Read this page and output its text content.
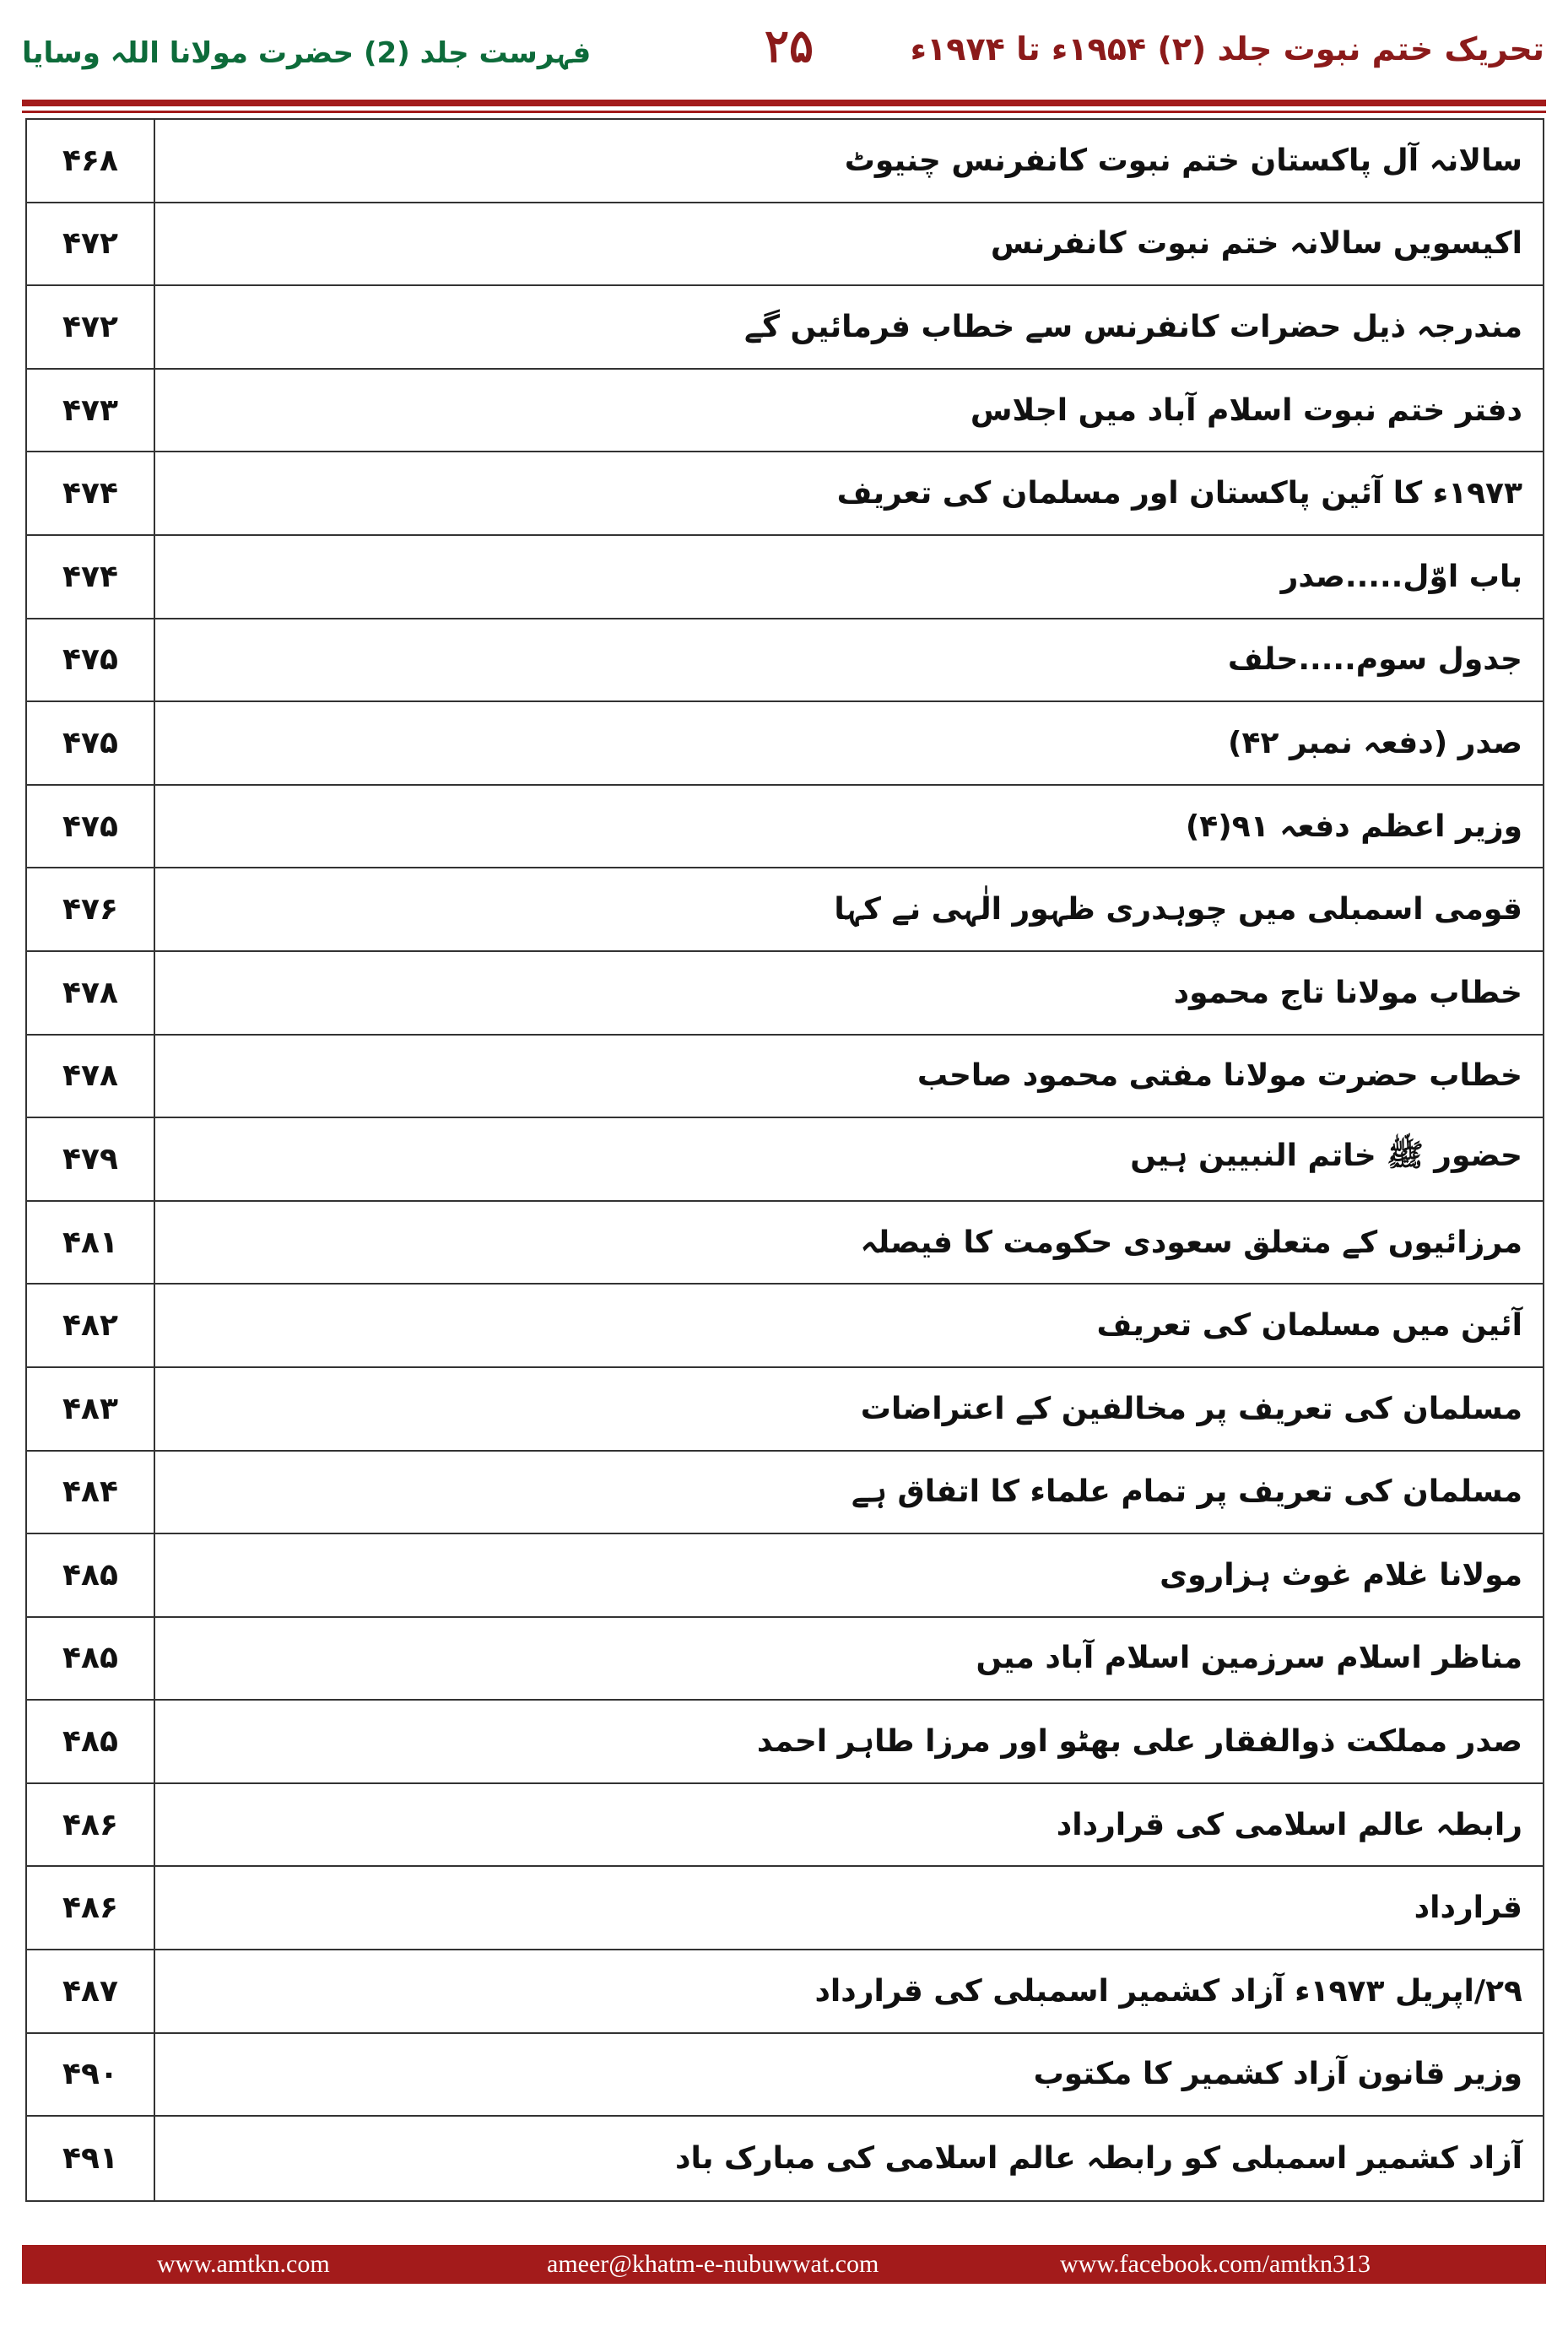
تحریک ختم نبوت جلد (۲) ۱۹۵۴ء تا ۱۹۷۴ء
۲۵
فہرست جلد (2) حضرت مولانا اللہ وسایا
۴۶۸	سالانہ آل پاکستان ختم نبوت کانفرنس چنیوٹ
۴۷۲	اکیسویں سالانہ ختم نبوت کانفرنس
۴۷۲	مندرجہ ذیل حضرات کانفرنس سے خطاب فرمائیں گے
۴۷۳	دفتر ختم نبوت اسلام آباد میں اجلاس
۴۷۴	۱۹۷۳ء کا آئین پاکستان اور مسلمان کی تعریف
۴۷۴	باب اوّل.....صدر
۴۷۵	جدول سوم.....حلف
۴۷۵	صدر (دفعہ نمبر ۴۲)
۴۷۵	وزیر اعظم دفعہ ۹۱(۴)
۴۷۶	قومی اسمبلی میں چوہدری ظہور الٰہی نے کہا
۴۷۸	خطاب مولانا تاج محمود
۴۷۸	خطاب حضرت مولانا مفتی محمود صاحب
۴۷۹	حضور ﷺ خاتم النبیین ہیں
۴۸۱	مرزائیوں کے متعلق سعودی حکومت کا فیصلہ
۴۸۲	آئین میں مسلمان کی تعریف
۴۸۳	مسلمان کی تعریف پر مخالفین کے اعتراضات
۴۸۴	مسلمان کی تعریف پر تمام علماء کا اتفاق ہے
۴۸۵	مولانا غلام غوث ہزاروی
۴۸۵	مناظر اسلام سرزمین اسلام آباد میں
۴۸۵	صدر مملکت ذوالفقار علی بھٹو اور مرزا طاہر احمد
۴۸۶	رابطہ عالم اسلامی کی قرارداد
۴۸۶	قرارداد
۴۸۷	۲۹/اپریل ۱۹۷۳ء آزاد کشمیر اسمبلی کی قرارداد
۴۹۰	وزیر قانون آزاد کشمیر کا مکتوب
۴۹۱	آزاد کشمیر اسمبلی کو رابطہ عالم اسلامی کی مبارک باد
www.amtkn.com	ameer@khatm-e-nubuwwat.com	www.facebook.com/amtkn313
